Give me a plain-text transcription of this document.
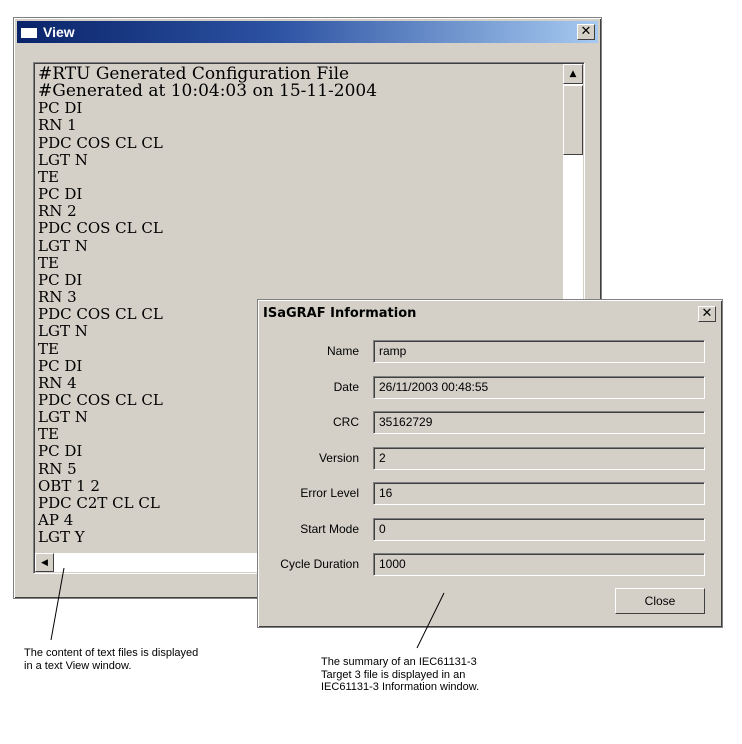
View	✕
#RTU Generated Configuration File
#Generated at 10:04:03 on 15-11-2004
PC DI
RN 1
PDC COS CL CL
LGT N
TE
PC DI
RN 2
PDC COS CL CL
LGT N
TE
PC DI
RN 3
PDC COS CL CL
LGT N
TE
PC DI
RN 4
PDC COS CL CL
LGT N
TE
PC DI
RN 5
OBT 1 2
PDC C2T CL CL
AP 4
LGT Y
▲
◀
ISaGRAF Information	✕
Name	ramp
Date	26/11/2003 00:48:55
CRC	35162729
Version	2
Error Level	16
Start Mode	0
Cycle Duration	1000
Close
The content of text files is displayed
in a text View window.	The summary of an IEC61131-3
Target 3 file is displayed in an
IEC61131-3 Information window.
